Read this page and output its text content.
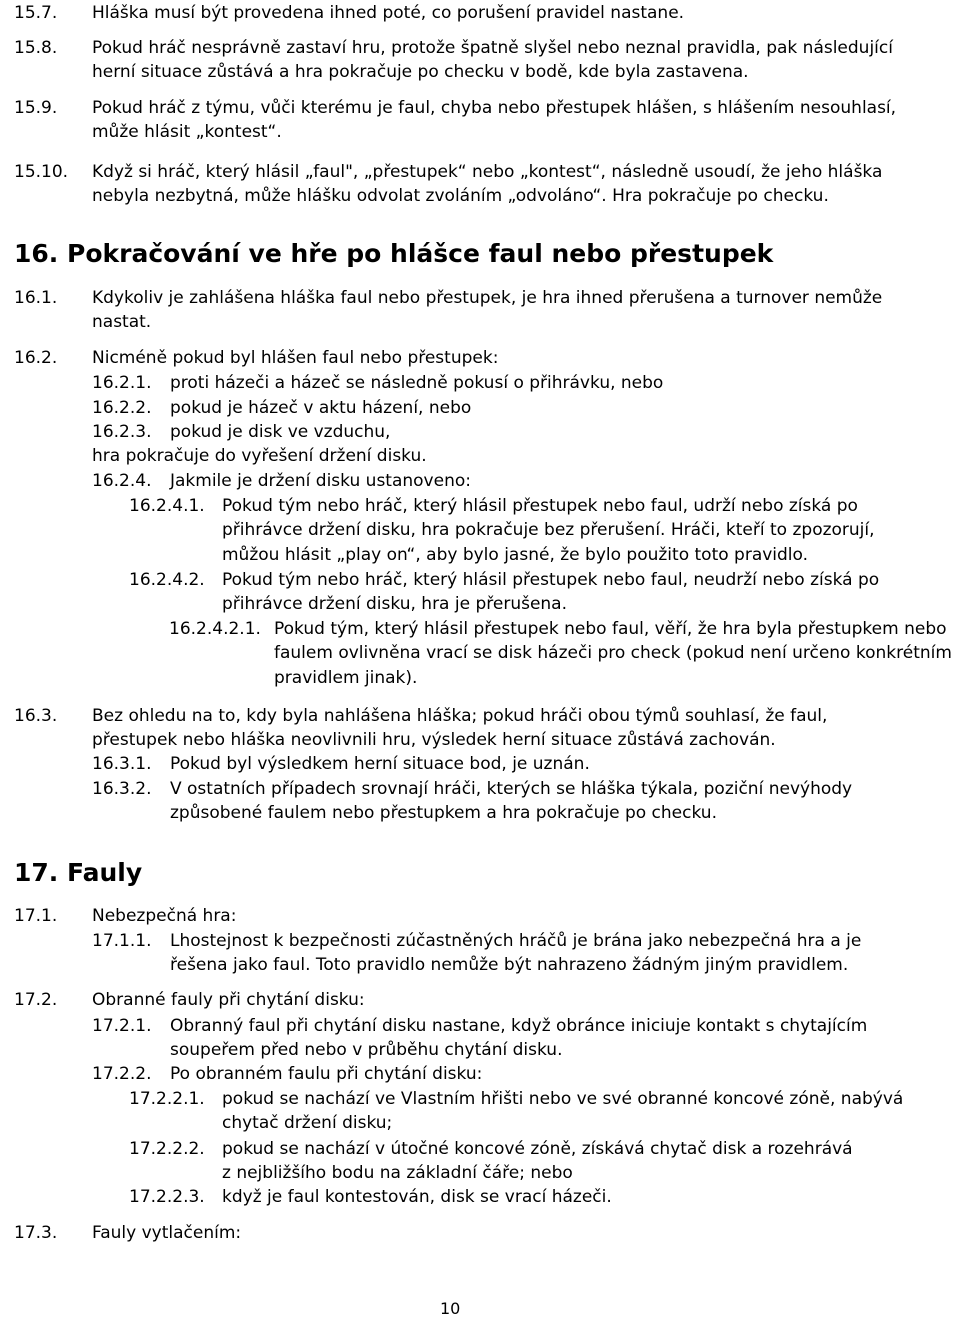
15.7. Hláška musí být provedena ihned poté, co porušení pravidel nastane.
15.8. Pokud hráč nesprávně zastaví hru, protože špatně slyšel nebo neznal pravidla, pak následující
herní situace zůstává a hra pokračuje po checku v bodě, kde byla zastavena.
15.9. Pokud hráč z týmu, vůči kterému je faul, chyba nebo přestupek hlášen, s hlášením nesouhlasí,
může hlásit „kontest“.
15.10. Když si hráč, který hlásil „faul", „přestupek“ nebo „kontest“, následně usoudí, že jeho hláška
nebyla nezbytná, může hlášku odvolat zvoláním „odvoláno“. Hra pokračuje po checku.
16. Pokračování ve hře po hlášce faul nebo přestupek
16.1. Kdykoliv je zahlášena hláška faul nebo přestupek, je hra ihned přerušena a turnover nemůže
nastat.
16.2. Nicméně pokud byl hlášen faul nebo přestupek:
16.2.1. proti házeči a házeč se následně pokusí o přihrávku, nebo
16.2.2. pokud je házeč v aktu házení, nebo
16.2.3. pokud je disk ve vzduchu,
hra pokračuje do vyřešení držení disku.
16.2.4. Jakmile je držení disku ustanoveno:
16.2.4.1. Pokud tým nebo hráč, který hlásil přestupek nebo faul, udrží nebo získá po
přihrávce držení disku, hra pokračuje bez přerušení. Hráči, kteří to zpozorují,
můžou hlásit „play on“, aby bylo jasné, že bylo použito toto pravidlo.
16.2.4.2. Pokud tým nebo hráč, který hlásil přestupek nebo faul, neudrží nebo získá po
přihrávce držení disku, hra je přerušena.
16.2.4.2.1. Pokud tým, který hlásil přestupek nebo faul, věří, že hra byla přestupkem nebo
faulem ovlivněna vrací se disk házeči pro check (pokud není určeno konkrétním
pravidlem jinak).
16.3. Bez ohledu na to, kdy byla nahlášena hláška; pokud hráči obou týmů souhlasí, že faul,
přestupek nebo hláška neovlivnili hru, výsledek herní situace zůstává zachován.
16.3.1. Pokud byl výsledkem herní situace bod, je uznán.
16.3.2. V ostatních případech srovnají hráči, kterých se hláška týkala, poziční nevýhody
způsobené faulem nebo přestupkem a hra pokračuje po checku.
17. Fauly
17.1. Nebezpečná hra:
17.1.1. Lhostejnost k bezpečnosti zúčastněných hráčů je brána jako nebezpečná hra a je
řešena jako faul. Toto pravidlo nemůže být nahrazeno žádným jiným pravidlem.
17.2. Obranné fauly při chytání disku:
17.2.1. Obranný faul při chytání disku nastane, když obránce iniciuje kontakt s chytajícím
soupeřem před nebo v průběhu chytání disku.
17.2.2. Po obranném faulu při chytání disku:
17.2.2.1. pokud se nachází ve Vlastním hřišti nebo ve své obranné koncové zóně, nabývá
chytač držení disku;
17.2.2.2. pokud se nachází v útočné koncové zóně, získává chytač disk a rozehrává
z nejbližšího bodu na základní čáře; nebo
17.2.2.3. když je faul kontestován, disk se vrací házeči.
17.3. Fauly vytlačením:
10
